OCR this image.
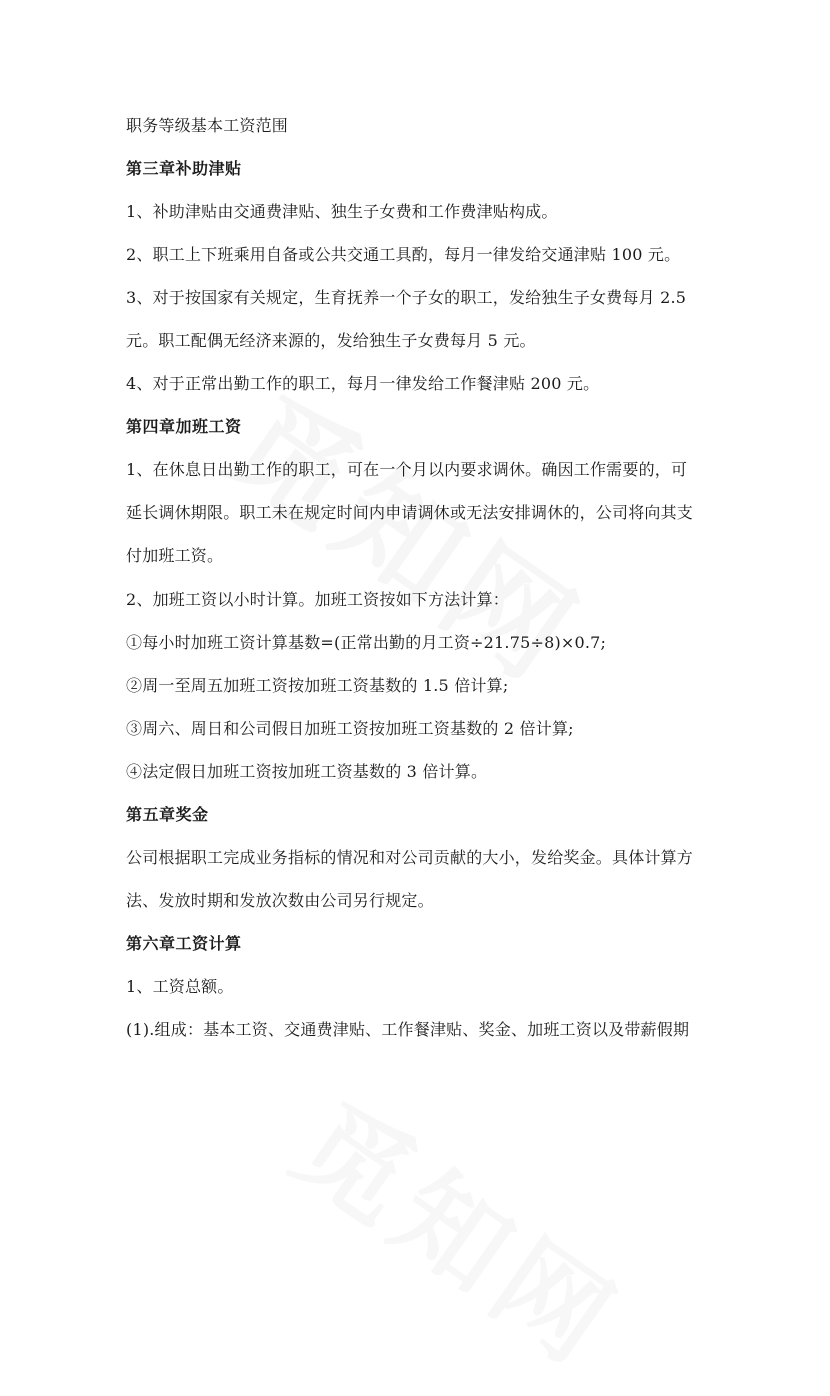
职务等级基本工资范围
第三章补助津贴
1、补助津贴由交通费津贴、独生子女费和工作费津贴构成。
2、职工上下班乘用自备或公共交通工具酌，每月一律发给交通津贴 100 元。
3、对于按国家有关规定，生育抚养一个子女的职工，发给独生子女费每月 2.5
元。职工配偶无经济来源的，发给独生子女费每月 5 元。
4、对于正常出勤工作的职工，每月一律发给工作餐津贴 200 元。
第四章加班工资
1、在休息日出勤工作的职工，可在一个月以内要求调休。确因工作需要的，可
延长调休期限。职工未在规定时间内申请调休或无法安排调休的，公司将向其支
付加班工资。
2、加班工资以小时计算。加班工资按如下方法计算：
①每小时加班工资计算基数=(正常出勤的月工资÷21.75÷8)×0.7;
②周一至周五加班工资按加班工资基数的 1.5 倍计算;
③周六、周日和公司假日加班工资按加班工资基数的 2 倍计算;
④法定假日加班工资按加班工资基数的 3 倍计算。
第五章奖金
公司根据职工完成业务指标的情况和对公司贡献的大小，发给奖金。具体计算方
法、发放时期和发放次数由公司另行规定。
第六章工资计算
1、工资总额。
(1).组成：基本工资、交通费津贴、工作餐津贴、奖金、加班工资以及带薪假期
